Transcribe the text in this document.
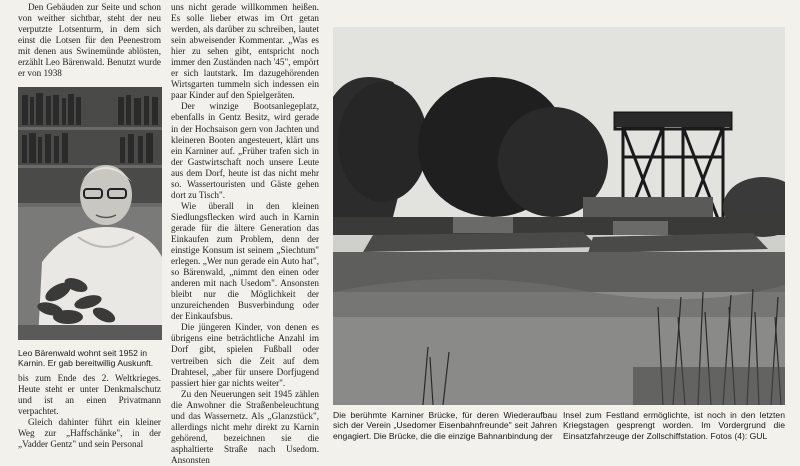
Den Gebäuden zur Seite und schon von weither sichtbar, steht der neu verputzte Lotsenturm, in dem sich einst die Lotsen für den Peenestrom mit denen aus Swinemünde ablösten, erzählt Leo Bärenwald. Benutzt wurde er von 1938

Leo Bärenwald wohnt seit 1952 in Karnin. Er gab bereitwillig Auskunft.

bis zum Ende des 2. Weltkrieges. Heute steht er unter Denkmalschutz und ist an einen Privatmann verpachtet.

Gleich dahinter führt ein kleiner Weg zur „Haffschänke", in der „Vadder Gentz" und sein Personal

uns nicht gerade willkommen heißen. Es solle lieber etwas im Ort getan werden, als darüber zu schreiben, lautet sein abweisender Kommentar. „Was es hier zu sehen gibt, entspricht noch immer den Zuständen nach '45", empört er sich lautstark. Im dazugehörenden Wirtsgarten tummeln sich indessen ein paar Kinder auf den Spielgeräten.

Der winzige Bootsanlegeplatz, ebenfalls in Gentz Besitz, wird gerade in der Hochsaison gern von Jachten und kleineren Booten angesteuert, klärt uns ein Karniner auf. „Früher trafen sich in der Gastwirtschaft noch unsere Leute aus dem Dorf, heute ist das nicht mehr so. Wassertouristen und Gäste gehen dort zu Tisch".

Wie überall in den kleinen Siedlungsflecken wird auch in Karnin gerade für die ältere Generation das Einkaufen zum Problem, denn der einstige Konsum ist seinem „Siechtum" erlegen. „Wer nun gerade ein Auto hat", so Bärenwald, „nimmt den einen oder anderen mit nach Usedom". Ansonsten bleibt nur die Möglichkeit der unzureichenden Busverbindung oder der Einkaufsbus.

Die jüngeren Kinder, von denen es übrigens eine beträchtliche Anzahl im Dorf gibt, spielen Fußball oder vertreiben sich die Zeit auf dem Drahtesel, „aber für unsere Dorfjugend passiert hier gar nichts weiter".

Zu den Neuerungen seit 1945 zählen die Anwohner die Straßenbeleuchtung und das Wassernetz. Als „Glanzstück", allerdings nicht mehr direkt zu Karnin gehörend, bezeichnen sie die asphaltierte Straße nach Usedom. Ansonsten

Die berühmte Karniner Brücke, für deren Wiederaufbau sich der Verein „Usedomer Eisenbahnfreunde" seit Jahren engagiert. Die Brücke, die die einzige Bahnanbindung der
Insel zum Festland ermöglichte, ist noch in den letzten Kriegstagen gesprengt worden. Im Vordergrund die Einsatzfahrzeuge der Zollschiffstation. Fotos (4): GUL
